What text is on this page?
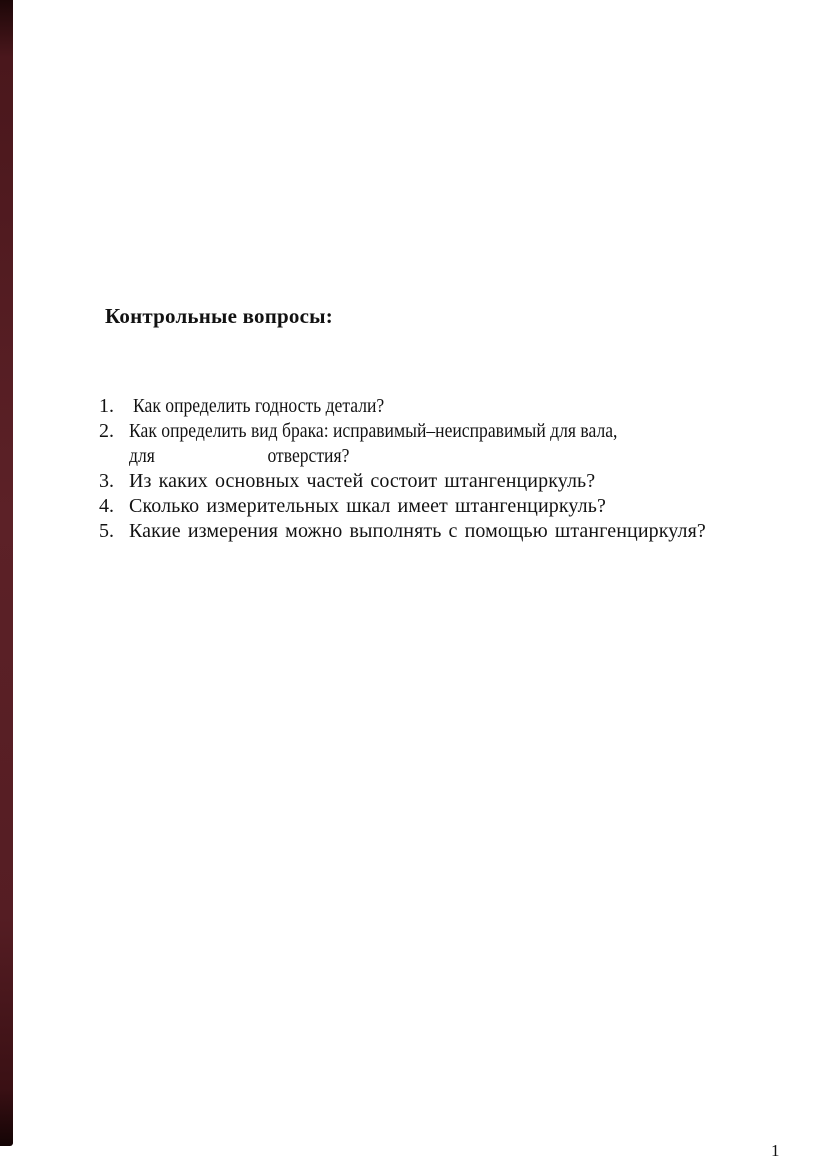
Контрольные вопросы:
1. Как определить годность детали?
2. Как определить вид брака: исправимый–неисправимый для вала,
для	отверстия?
3. Из каких основных частей состоит штангенциркуль?
4. Сколько измерительных шкал имеет штангенциркуль?
5. Какие измерения можно выполнять с помощью штангенциркуля?
1
